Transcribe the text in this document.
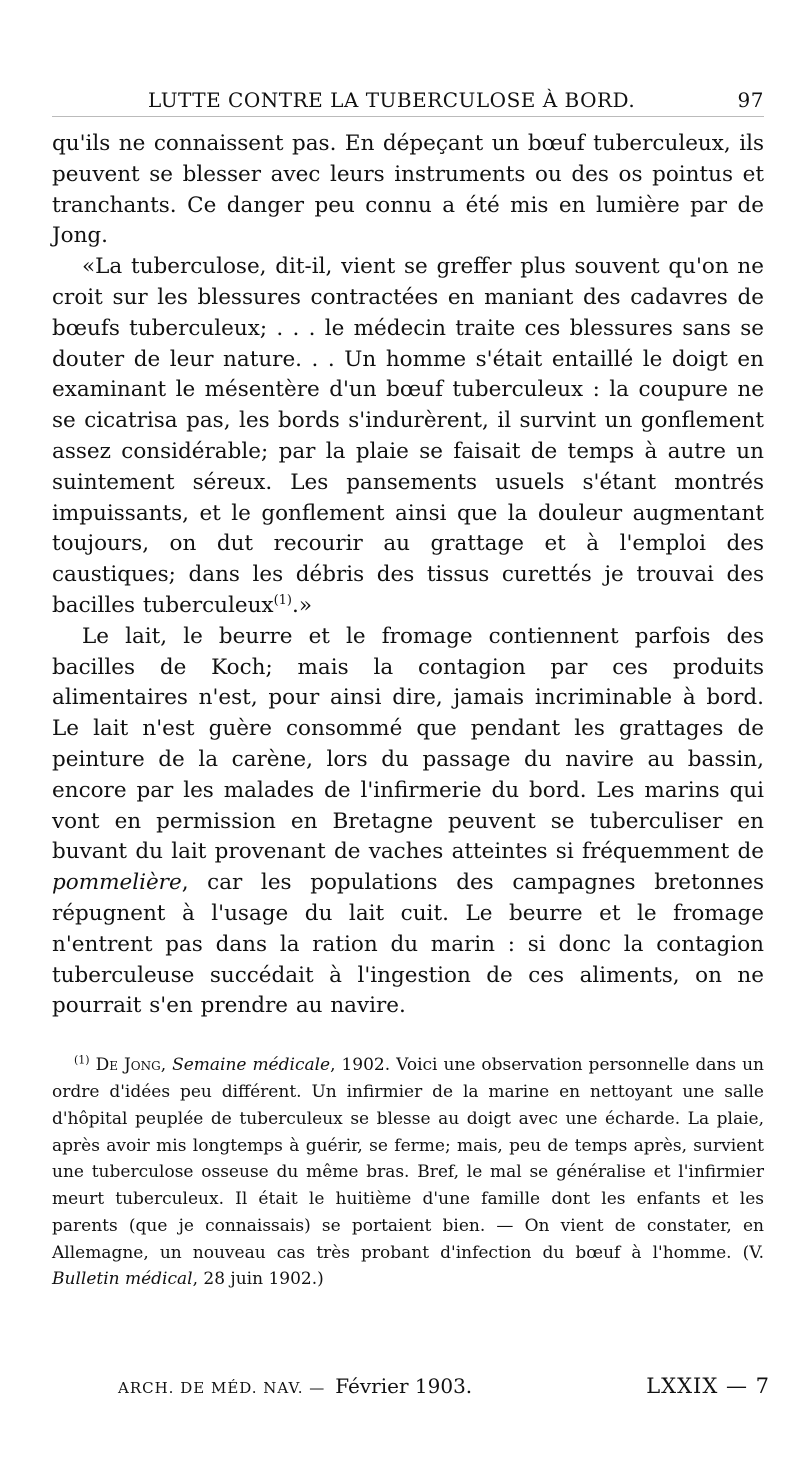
LUTTE CONTRE LA TUBERCULOSE À BORD.	97

qu'ils ne connaissent pas. En dépeçant un bœuf tuberculeux, ils peuvent se blesser avec leurs instruments ou des os pointus et tranchants. Ce danger peu connu a été mis en lumière par de Jong.

«La tuberculose, dit-il, vient se greffer plus souvent qu'on ne croit sur les blessures contractées en maniant des cadavres de bœufs tuberculeux; . . . le médecin traite ces blessures sans se douter de leur nature. . . Un homme s'était entaillé le doigt en examinant le mésentère d'un bœuf tuberculeux : la coupure ne se cicatrisa pas, les bords s'indurèrent, il survint un gonflement assez considérable; par la plaie se faisait de temps à autre un suintement séreux. Les pansements usuels s'étant montrés impuissants, et le gonflement ainsi que la douleur augmentant toujours, on dut recourir au grattage et à l'emploi des caustiques; dans les débris des tissus curettés je trouvai des bacilles tuberculeux$^{(1)}$.»

Le lait, le beurre et le fromage contiennent parfois des bacilles de Koch; mais la contagion par ces produits alimentaires n'est, pour ainsi dire, jamais incriminable à bord. Le lait n'est guère consommé que pendant les grattages de peinture de la carène, lors du passage du navire au bassin, encore par les malades de l'infirmerie du bord. Les marins qui vont en permission en Bretagne peuvent se tuberculiser en buvant du lait provenant de vaches atteintes si fréquemment de pommelière, car les populations des campagnes bretonnes répugnent à l'usage du lait cuit. Le beurre et le fromage n'entrent pas dans la ration du marin : si donc la contagion tuberculeuse succédait à l'ingestion de ces aliments, on ne pourrait s'en prendre au navire.

$^{(1)}$ De Jong, Semaine médicale, 1902. Voici une observation personnelle dans un ordre d'idées peu différent. Un infirmier de la marine en nettoyant une salle d'hôpital peuplée de tuberculeux se blesse au doigt avec une écharde. La plaie, après avoir mis longtemps à guérir, se ferme; mais, peu de temps après, survient une tuberculose osseuse du même bras. Bref, le mal se généralise et l'infirmier meurt tuberculeux. Il était le huitième d'une famille dont les enfants et les parents (que je connaissais) se portaient bien. — On vient de constater, en Allemagne, un nouveau cas très probant d'infection du bœuf à l'homme. (V. Bulletin médical, 28 juin 1902.)
ARCH. DE MÉD. NAV. — Février 1903.	LXXIX — 7
